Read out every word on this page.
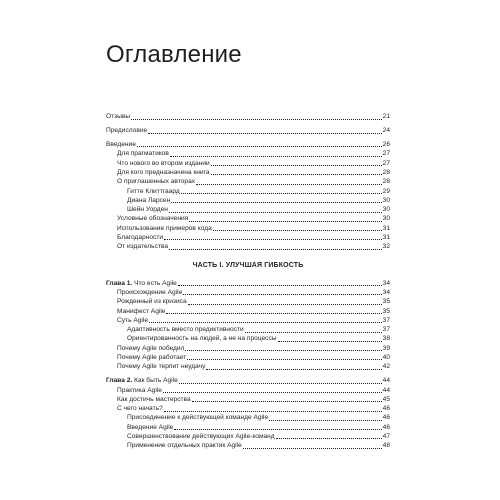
Оглавление
Отзывы	21
Предисловие	24
Введение	26
Для прагматиков	27
Что нового во втором издании	27
Для кого предназначена книга	28
О приглашенных авторах	28
Гитте Клиттгаард	29
Диана Ларсен	30
Шейн Уорден	30
Условные обозначения	30
Использование примеров кода	31
Благодарности	31
От издательства	32
ЧАСТЬ I. УЛУЧШАЯ ГИБКОСТЬ
Глава 1. Что есть Agile	34
Происхождение Agile	34
Рожденный из кризиса	35
Манифест Agile	35
Суть Agile	37
Адаптивность вместо предиктивности	37
Ориентированность на людей, а не на процессы	38
Почему Agile победил	39
Почему Agile работает	40
Почему Agile терпит неудачу	42
Глава 2. Как быть Agile	44
Практика Agile	44
Как достичь мастерства	45
С чего начать?	46
Присоединение к действующей команде Agile	46
Введение Agile	46
Совершенствование действующих Agile-команд	47
Применение отдельных практик Agile	48
